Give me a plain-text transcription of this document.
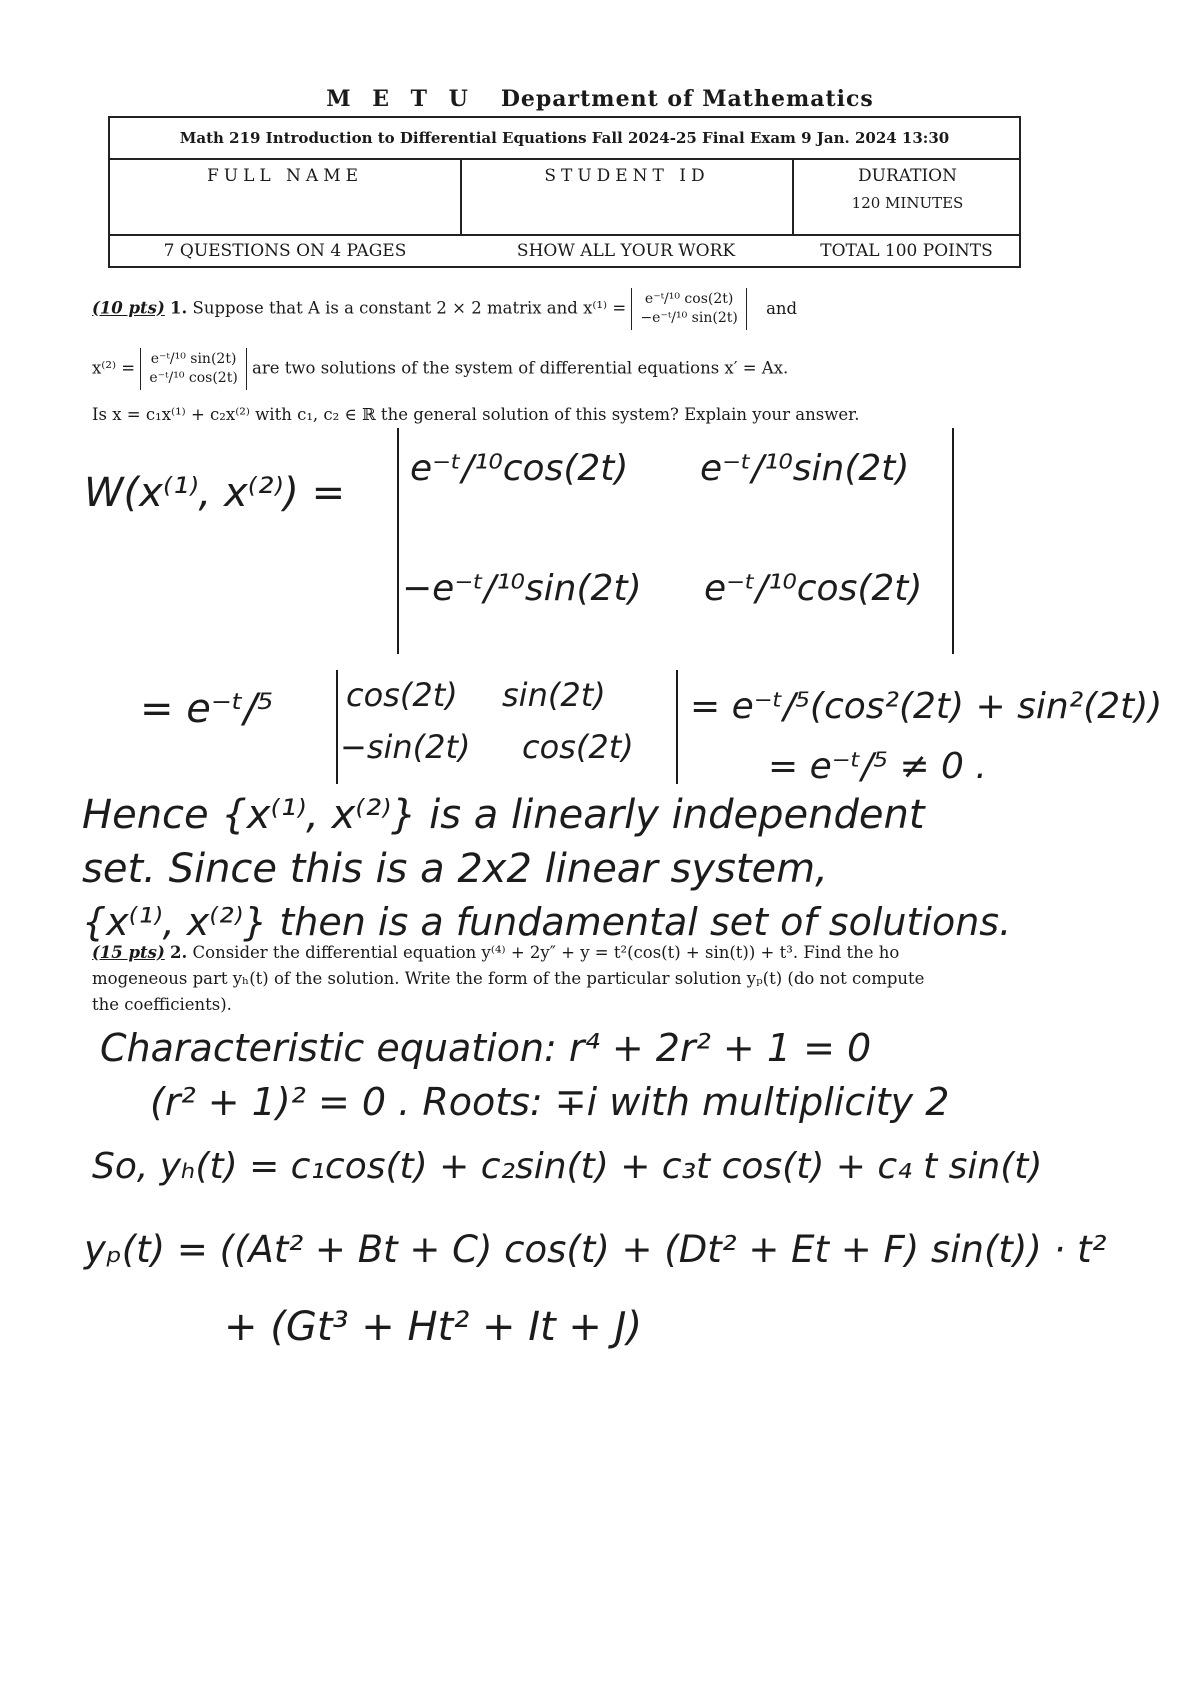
M E T U Department of Mathematics
Math 219 Introduction to Differential Equations Fall 2024-25 Final Exam 9 Jan. 2024 13:30
FULL NAME	STUDENT ID	DURATION
120 MINUTES
7 QUESTIONS ON 4 PAGES	SHOW ALL YOUR WORK	TOTAL 100 POINTS
(10 pts) 1. Suppose that A is a constant 2 × 2 matrix and x⁽¹⁾ =	e⁻ᵗ/¹⁰ cos(2t)
−e⁻ᵗ/¹⁰ sin(2t)
and
x⁽²⁾ = e⁻ᵗ/¹⁰ sin(2t)
e⁻ᵗ/¹⁰ cos(2t)
are two solutions of the system of differential equations x′ = Ax.
Is x = c₁x⁽¹⁾ + c₂x⁽²⁾ with c₁, c₂ ∈ ℝ the general solution of this system? Explain your answer.
W(x⁽¹⁾, x⁽²⁾) =
e⁻ᵗ/¹⁰cos(2t) e⁻ᵗ/¹⁰sin(2t)
−e⁻ᵗ/¹⁰sin(2t) e⁻ᵗ/¹⁰cos(2t)
= e⁻ᵗ/⁵ cos(2t) sin(2t)
−sin(2t) cos(2t)
= e⁻ᵗ/⁵(cos²(2t) + sin²(2t))
= e⁻ᵗ/⁵ ≠ 0 .
Hence {x⁽¹⁾, x⁽²⁾} is a linearly independent
set. Since this is a 2x2 linear system,
{x⁽¹⁾, x⁽²⁾} then is a fundamental set of solutions.
(15 pts) 2. Consider the differential equation y⁽⁴⁾ + 2y″ + y = t²(cos(t) + sin(t)) + t³. Find the ho
mogeneous part yₕ(t) of the solution. Write the form of the particular solution yₚ(t) (do not compute
the coefficients).
Characteristic equation: r⁴ + 2r² + 1 = 0
(r² + 1)² = 0 . Roots: ∓i with multiplicity 2
So, yₕ(t) = c₁cos(t) + c₂sin(t) + c₃t cos(t) + c₄ t sin(t)
yₚ(t) = ((At² + Bt + C) cos(t) + (Dt² + Et + F) sin(t)) · t²
+ (Gt³ + Ht² + It + J)
